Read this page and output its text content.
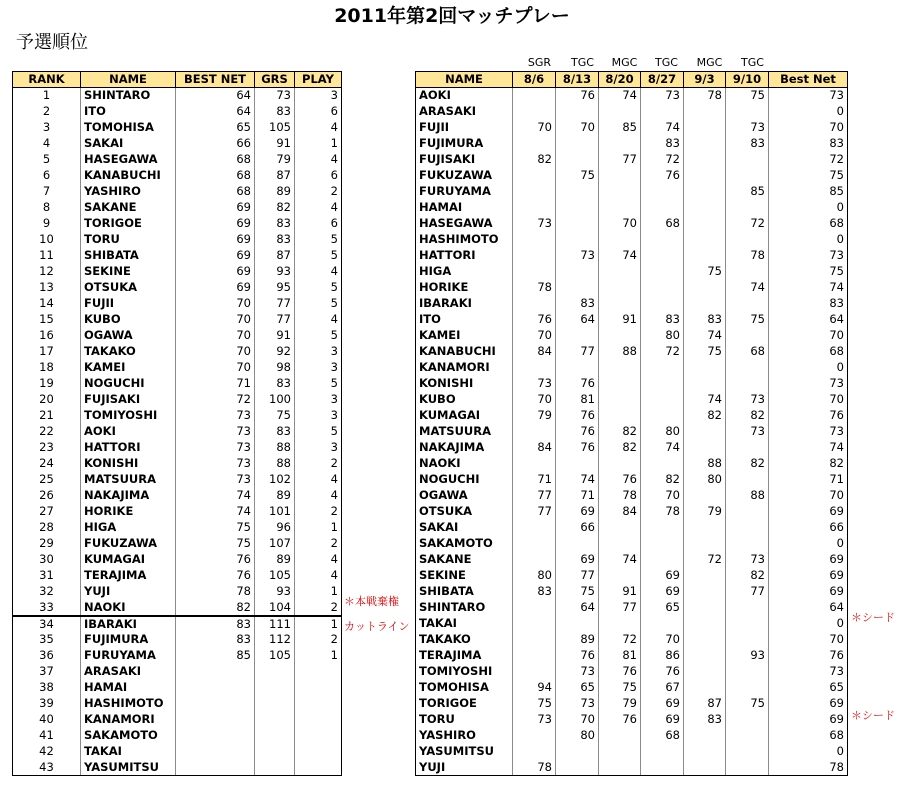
2011年第2回マッチプレー
予選順位
SGR	TGC	MGC	TGC	MGC	TGC
RANK	NAME	BEST NET	GRS	PLAY
1	SHINTARO	64	73	3
2	ITO	64	83	6
3	TOMOHISA	65	105	4
4	SAKAI	66	91	1
5	HASEGAWA	68	79	4
6	KANABUCHI	68	87	6
7	YASHIRO	68	89	2
8	SAKANE	69	82	4
9	TORIGOE	69	83	6
10	TORU	69	83	5
11	SHIBATA	69	87	5
12	SEKINE	69	93	4
13	OTSUKA	69	95	5
14	FUJII	70	77	5
15	KUBO	70	77	4
16	OGAWA	70	91	5
17	TAKAKO	70	92	3
18	KAMEI	70	98	3
19	NOGUCHI	71	83	5
20	FUJISAKI	72	100	3
21	TOMIYOSHI	73	75	3
22	AOKI	73	83	5
23	HATTORI	73	88	3
24	KONISHI	73	88	2
25	MATSUURA	73	102	4
26	NAKAJIMA	74	89	4
27	HORIKE	74	101	2
28	HIGA	75	96	1
29	FUKUZAWA	75	107	2
30	KUMAGAI	76	89	4
31	TERAJIMA	76	105	4
32	YUJI	78	93	1
33	NAOKI	82	104	2
34	IBARAKI	83	111	1
35	FUJIMURA	83	112	2
36	FURUYAMA	85	105	1
37	ARASAKI			
38	HAMAI			
39	HASHIMOTO			
40	KANAMORI			
41	SAKAMOTO			
42	TAKAI			
43	YASUMITSU			
NAME	8/6	8/13	8/20	8/27	9/3	9/10	Best Net
AOKI		76	74	73	78	75	73
ARASAKI							0
FUJII	70	70	85	74		73	70
FUJIMURA				83		83	83
FUJISAKI	82		77	72			72
FUKUZAWA		75		76			75
FURUYAMA						85	85
HAMAI							0
HASEGAWA	73		70	68		72	68
HASHIMOTO							0
HATTORI		73	74			78	73
HIGA					75		75
HORIKE	78					74	74
IBARAKI		83					83
ITO	76	64	91	83	83	75	64
KAMEI	70			80	74		70
KANABUCHI	84	77	88	72	75	68	68
KANAMORI							0
KONISHI	73	76					73
KUBO	70	81			74	73	70
KUMAGAI	79	76			82	82	76
MATSUURA		76	82	80		73	73
NAKAJIMA	84	76	82	74			74
NAOKI					88	82	82
NOGUCHI	71	74	76	82	80		71
OGAWA	77	71	78	70		88	70
OTSUKA	77	69	84	78	79		69
SAKAI		66					66
SAKAMOTO							0
SAKANE		69	74		72	73	69
SEKINE	80	77		69		82	69
SHIBATA	83	75	91	69		77	69
SHINTARO		64	77	65			64
TAKAI							0
TAKAKO		89	72	70			70
TERAJIMA		76	81	86		93	76
TOMIYOSHI		73	76	76			73
TOMOHISA	94	65	75	67			65
TORIGOE	75	73	79	69	87	75	69
TORU	73	70	76	69	83		69
YASHIRO		80		68			68
YASUMITSU							0
YUJI	78						78
＊本戦棄権
カットライン
＊シード
＊シード
